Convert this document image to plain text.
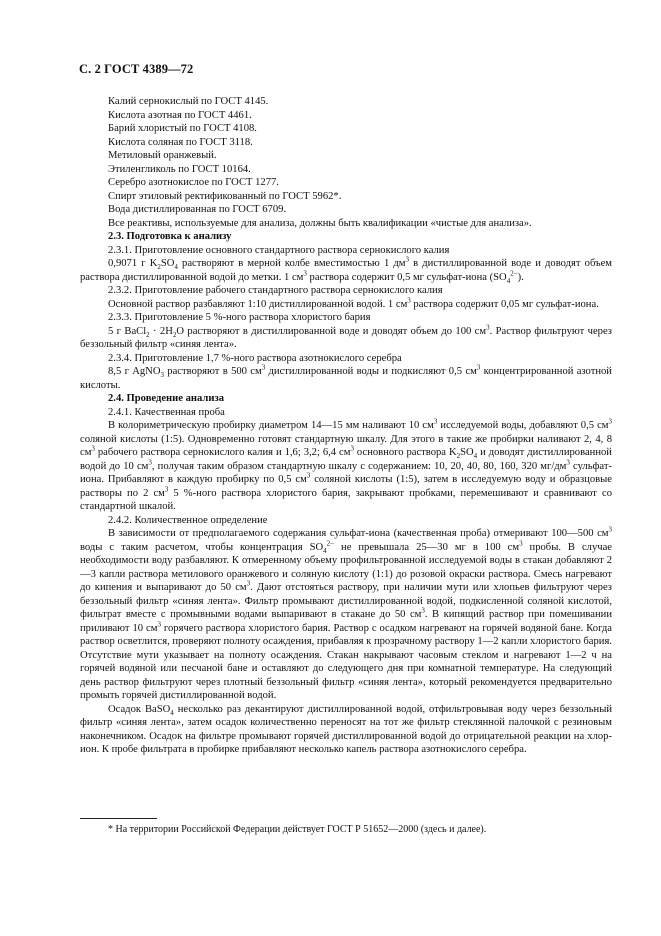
С. 2 ГОСТ 4389—72
Калий сернокислый по ГОСТ 4145.
Кислота азотная по ГОСТ 4461.
Барий хлористый по ГОСТ 4108.
Кислота соляная по ГОСТ 3118.
Метиловый оранжевый.
Этиленгликоль по ГОСТ 10164.
Серебро азотнокислое по ГОСТ 1277.
Спирт этиловый ректификованный по ГОСТ 5962*.
Вода дистиллированная по ГОСТ 6709.

Все реактивы, используемые для анализа, должны быть квалификации «чистые для анализа».

2.3. Подготовка к анализу

2.3.1. Приготовление основного стандартного раствора сернокислого калия

0,9071 г $K_2SO_4$ растворяют в мерной колбе вместимостью 1 $дм^3$ в дистиллированной воде и доводят объем раствора дистиллированной водой до метки. 1 $см^3$ раствора содержит 0,5 мг сульфат-иона $(SO_4^{2-})$.

2.3.2. Приготовление рабочего стандартного раствора сернокислого калия

Основной раствор разбавляют 1:10 дистиллированной водой. 1 $см^3$ раствора содержит 0,05 мг сульфат-иона.

2.3.3. Приготовление 5 %-ного раствора хлористого бария

5 г BaCl$_2$ · $2H_2O$ растворяют в дистиллированной воде и доводят объем до 100 $см^3$. Раствор фильтруют через беззольный фильтр «синяя лента».

2.3.4. Приготовление 1,7 %-ного раствора азотнокислого серебра

8,5 г AgNO$_3$ растворяют в 500 $см^3$ дистиллированной воды и подкисляют 0,5 $см^3$ концентрированной азотной кислоты.

2.4. Проведение анализа

2.4.1. Качественная проба

В колориметрическую пробирку диаметром 14—15 мм наливают 10 $см^3$ исследуемой воды, добавляют 0,5 $см^3$ соляной кислоты (1:5). Одновременно готовят стандартную шкалу. Для этого в такие же пробирки наливают 2, 4, 8 $см^3$ рабочего раствора сернокислого калия и 1,6; 3,2; 6,4 $см^3$ основного раствора $K_2SO_4$ и доводят дистиллированной водой до 10 $см^3$, получая таким образом стандартную шкалу с содержанием: 10, 20, 40, 80, 160, 320 $мг/дм^3$ сульфат-иона. Прибавляют в каждую пробирку по 0,5 $см^3$ соляной кислоты (1:5), затем в исследуемую воду и образцовые растворы по 2 $см^3$ 5 %-ного раствора хлористого бария, закрывают пробками, перемешивают и сравнивают со стандартной шкалой.

2.4.2. Количественное определение

В зависимости от предполагаемого содержания сульфат-иона (качественная проба) отмеривают 100—500 $см^3$ воды с таким расчетом, чтобы концентрация $SO_4^{2-}$ не превышала 25—30 мг в 100 $см^3$ пробы. В случае необходимости воду разбавляют. К отмеренному объему профильтрованной исследуемой воды в стакан добавляют 2—3 капли раствора метилового оранжевого и соляную кислоту (1:1) до розовой окраски раствора. Смесь нагревают до кипения и выпаривают до 50 $см^3$. Дают отстояться раствору, при наличии мути или хлопьев фильтруют через беззольный фильтр «синяя лента». Фильтр промывают дистиллированной водой, подкисленной соляной кислотой, фильтрат вместе с промывными водами выпаривают в стакане до 50 $см^3$. В кипящий раствор при помешивании приливают 10 $см^3$ горячего раствора хлористого бария. Раствор с осадком нагревают на горячей водяной бане. Когда раствор осветлится, проверяют полноту осаждения, прибавляя к прозрачному раствору 1—2 капли хлористого бария. Отсутствие мути указывает на полноту осаждения. Стакан накрывают часовым стеклом и нагревают 1—2 ч на горячей водяной или песчаной бане и оставляют до следующего дня при комнатной температуре. На следующий день раствор фильтруют через плотный беззольный фильтр «синяя лента», который рекомендуется предварительно промыть горячей дистиллированной водой.

Осадок BaSO$_4$ несколько раз декантируют дистиллированной водой, отфильтровывая воду через беззольный фильтр «синяя лента», затем осадок количественно переносят на тот же фильтр стеклянной палочкой с резиновым наконечником. Осадок на фильтре промывают горячей дистиллированной водой до отрицательной реакции на хлор-ион. К пробе фильтрата в пробирке прибавляют несколько капель раствора азотнокислого серебра.

* На территории Российской Федерации действует ГОСТ Р 51652—2000 (здесь и далее).
